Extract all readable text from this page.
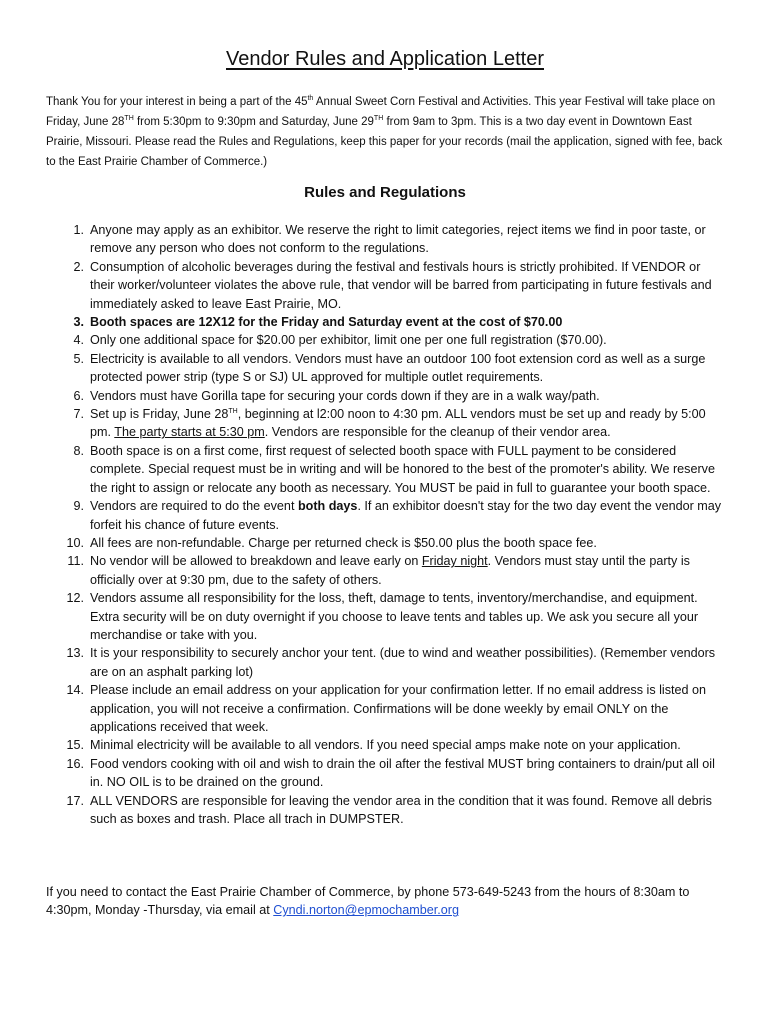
Vendor Rules and Application Letter
Thank You for your interest in being a part of the 45th Annual Sweet Corn Festival and Activities. This year Festival will take place on Friday, June 28TH from 5:30pm to 9:30pm and Saturday, June 29TH from 9am to 3pm. This is a two day event in Downtown East Prairie, Missouri. Please read the Rules and Regulations, keep this paper for your records (mail the application, signed with fee, back to the East Prairie Chamber of Commerce.)
Rules and Regulations
1. Anyone may apply as an exhibitor. We reserve the right to limit categories, reject items we find in poor taste, or remove any person who does not conform to the regulations.
2. Consumption of alcoholic beverages during the festival and festivals hours is strictly prohibited. If VENDOR or their worker/volunteer violates the above rule, that vendor will be barred from participating in future festivals and immediately asked to leave East Prairie, MO.
3. Booth spaces are 12X12 for the Friday and Saturday event at the cost of $70.00
4. Only one additional space for $20.00 per exhibitor, limit one per one full registration ($70.00).
5. Electricity is available to all vendors. Vendors must have an outdoor 100 foot extension cord as well as a surge protected power strip (type S or SJ) UL approved for multiple outlet requirements.
6. Vendors must have Gorilla tape for securing your cords down if they are in a walk way/path.
7. Set up is Friday, June 28TH, beginning at l2:00 noon to 4:30 pm. ALL vendors must be set up and ready by 5:00 pm. The party starts at 5:30 pm. Vendors are responsible for the cleanup of their vendor area.
8. Booth space is on a first come, first request of selected booth space with FULL payment to be considered complete. Special request must be in writing and will be honored to the best of the promoter's ability. We reserve the right to assign or relocate any booth as necessary. You MUST be paid in full to guarantee your booth space.
9. Vendors are required to do the event both days. If an exhibitor doesn't stay for the two day event the vendor may forfeit his chance of future events.
10. All fees are non-refundable. Charge per returned check is $50.00 plus the booth space fee.
11. No vendor will be allowed to breakdown and leave early on Friday night. Vendors must stay until the party is officially over at 9:30 pm, due to the safety of others.
12. Vendors assume all responsibility for the loss, theft, damage to tents, inventory/merchandise, and equipment. Extra security will be on duty overnight if you choose to leave tents and tables up. We ask you secure all your merchandise or take with you.
13. It is your responsibility to securely anchor your tent. (due to wind and weather possibilities). (Remember vendors are on an asphalt parking lot)
14. Please include an email address on your application for your confirmation letter. If no email address is listed on application, you will not receive a confirmation. Confirmations will be done weekly by email ONLY on the applications received that week.
15. Minimal electricity will be available to all vendors. If you need special amps make note on your application.
16. Food vendors cooking with oil and wish to drain the oil after the festival MUST bring containers to drain/put all oil in. NO OIL is to be drained on the ground.
17. ALL VENDORS are responsible for leaving the vendor area in the condition that it was found. Remove all debris such as boxes and trash. Place all trach in DUMPSTER.
If you need to contact the East Prairie Chamber of Commerce, by phone 573-649-5243 from the hours of 8:30am to 4:30pm, Monday -Thursday, via email at Cyndi.norton@epmochamber.org
